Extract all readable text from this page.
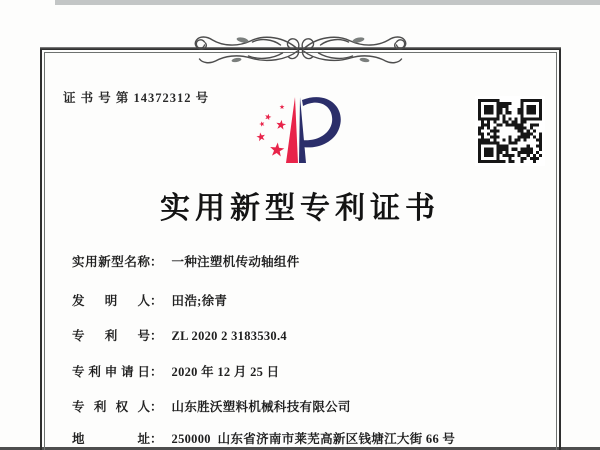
证 书 号 第 14372312 号
实用新型专利证书
实用新型名称： 一种注塑机传动轴组件
发明人： 田浩;徐青
专利号： ZL 2020 2 3183530.4
专利申请日： 2020 年 12 月 25 日
专利权人： 山东胜沃塑料机械科技有限公司
地址： 250000  山东省济南市莱芜高新区钱塘江大街 66 号
